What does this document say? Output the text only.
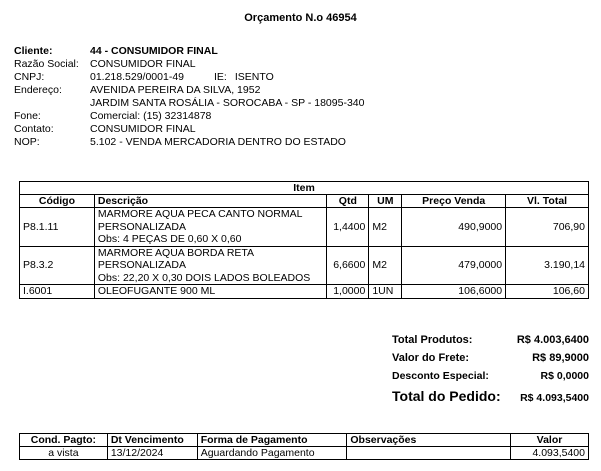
Orçamento N.o 46954
Cliente:	44 - CONSUMIDOR FINAL
Razão Social:	CONSUMIDOR FINAL
CNPJ:	01.218.529/0001-49	IE: ISENTO
Endereço:	AVENIDA PEREIRA DA SILVA, 1952
JARDIM SANTA ROSÁLIA - SOROCABA - SP - 18095-340
Fone:	Comercial: (15) 32314878
Contato:	CONSUMIDOR FINAL
NOP:	5.102 - VENDA MERCADORIA DENTRO DO ESTADO
Item					
Código	Descrição	Qtd	UM	Preço Venda	Vl. Total
P8.1.11	MARMORE AQUA PECA CANTO NORMAL
PERSONALIZADA
Obs: 4 PEÇAS DE 0,60 X 0,60	1,4400	M2	490,9000	706,90
P8.3.2	MARMORE AQUA BORDA RETA
PERSONALIZADA
Obs: 22,20 X 0,30 DOIS LADOS BOLEADOS	6,6600	M2	479,0000	3.190,14
I.6001	OLEOFUGANTE 900 ML	1,0000	1UN	106,6000	106,60
Total Produtos:	R$ 4.003,6400
Valor do Frete:	R$ 89,9000
Desconto Especial:	R$ 0,0000
Total do Pedido: R$ 4.093,5400
Cond. Pagto:	Dt Vencimento	Forma de Pagamento	Observações	Valor
a vista	13/12/2024	Aguardando Pagamento		4.093,5400
